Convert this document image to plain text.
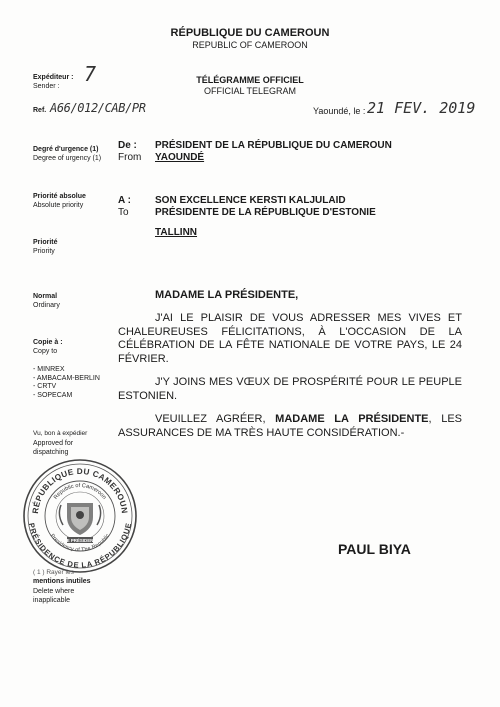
RÉPUBLIQUE DU CAMEROUN
REPUBLIC OF CAMEROON
TÉLÉGRAMME OFFICIEL
OFFICIAL TELEGRAM
Expéditeur :
Sender :
7
Ref. A66/012/CAB/PR	Yaoundé, le : 21 FEV. 2019
Degré d'urgence (1)
Degree of urgency (1)
Priorité absolue
Absolute priority
Priorité
Priority
Normal
Ordinary
Copie à :
Copy to
- MINREX
- AMBACAM-BERLIN
- CRTV
- SOPECAM
Vu, bon à expédier
Approved for
dispatching
RÉPUBLIQUE DU CAMEROUN
PRÉSIDENCE DE LA RÉPUBLIQUE
Republic of Cameroon
Presidency of The Republic
LE PRÉSIDENT
( 1 ) Rayer les
mentions inutiles
Delete where
inapplicable
De :
From
PRÉSIDENT DE LA RÉPUBLIQUE DU CAMEROUN
YAOUNDÉ
A :
To
SON EXCELLENCE KERSTI KALJULAID
PRÉSIDENTE DE LA RÉPUBLIQUE D'ESTONIE
TALLINN
MADAME LA PRÉSIDENTE,

J'AI LE PLAISIR DE VOUS ADRESSER MES VIVES ET CHALEUREUSES FÉLICITATIONS, À L'OCCASION DE LA CÉLÉBRATION DE LA FÊTE NATIONALE DE VOTRE PAYS, LE 24 FÉVRIER.

J'Y JOINS MES VŒUX DE PROSPÉRITÉ POUR LE PEUPLE ESTONIEN.

VEUILLEZ AGRÉER, MADAME LA PRÉSIDENTE, LES ASSURANCES DE MA TRÈS HAUTE CONSIDÉRATION.-

PAUL BIYA
